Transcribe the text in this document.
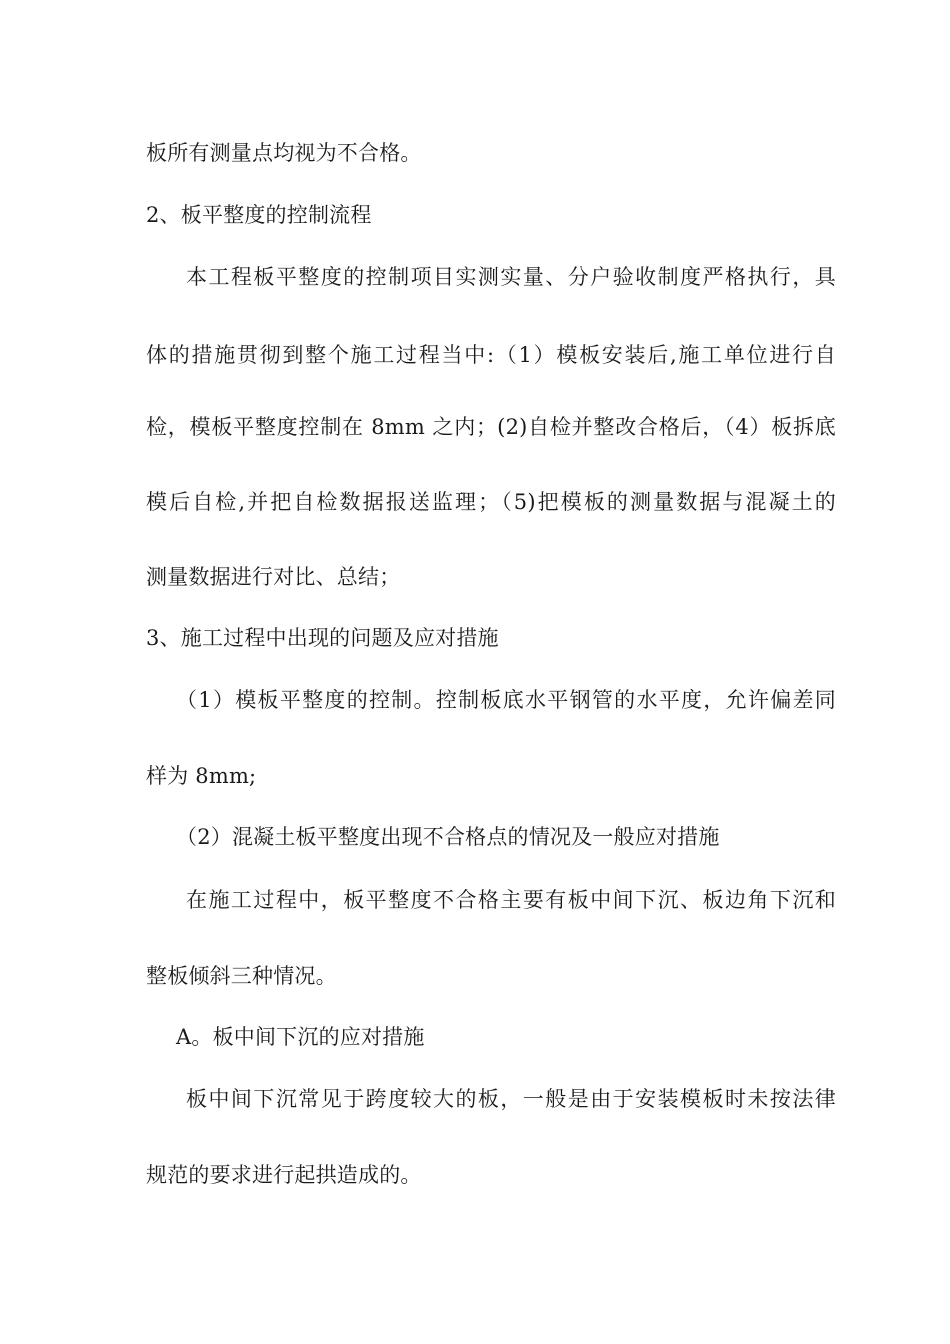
板所有测量点均视为不合格。
2、板平整度的控制流程
本工程板平整度的控制项目实测实量、分户验收制度严格执行，具
体的措施贯彻到整个施工过程当中:（1）模板安装后,施工单位进行自
检，模板平整度控制在 8mm 之内；(2)自检并整改合格后，（4）板拆底
模后自检,并把自检数据报送监理；（5)把模板的测量数据与混凝土的
测量数据进行对比、总结；
3、施工过程中出现的问题及应对措施
（1）模板平整度的控制。控制板底水平钢管的水平度，允许偏差同
样为 8mm;
（2）混凝土板平整度出现不合格点的情况及一般应对措施
在施工过程中，板平整度不合格主要有板中间下沉、板边角下沉和
整板倾斜三种情况。
A。板中间下沉的应对措施
板中间下沉常见于跨度较大的板，一般是由于安装模板时未按法律
规范的要求进行起拱造成的。
